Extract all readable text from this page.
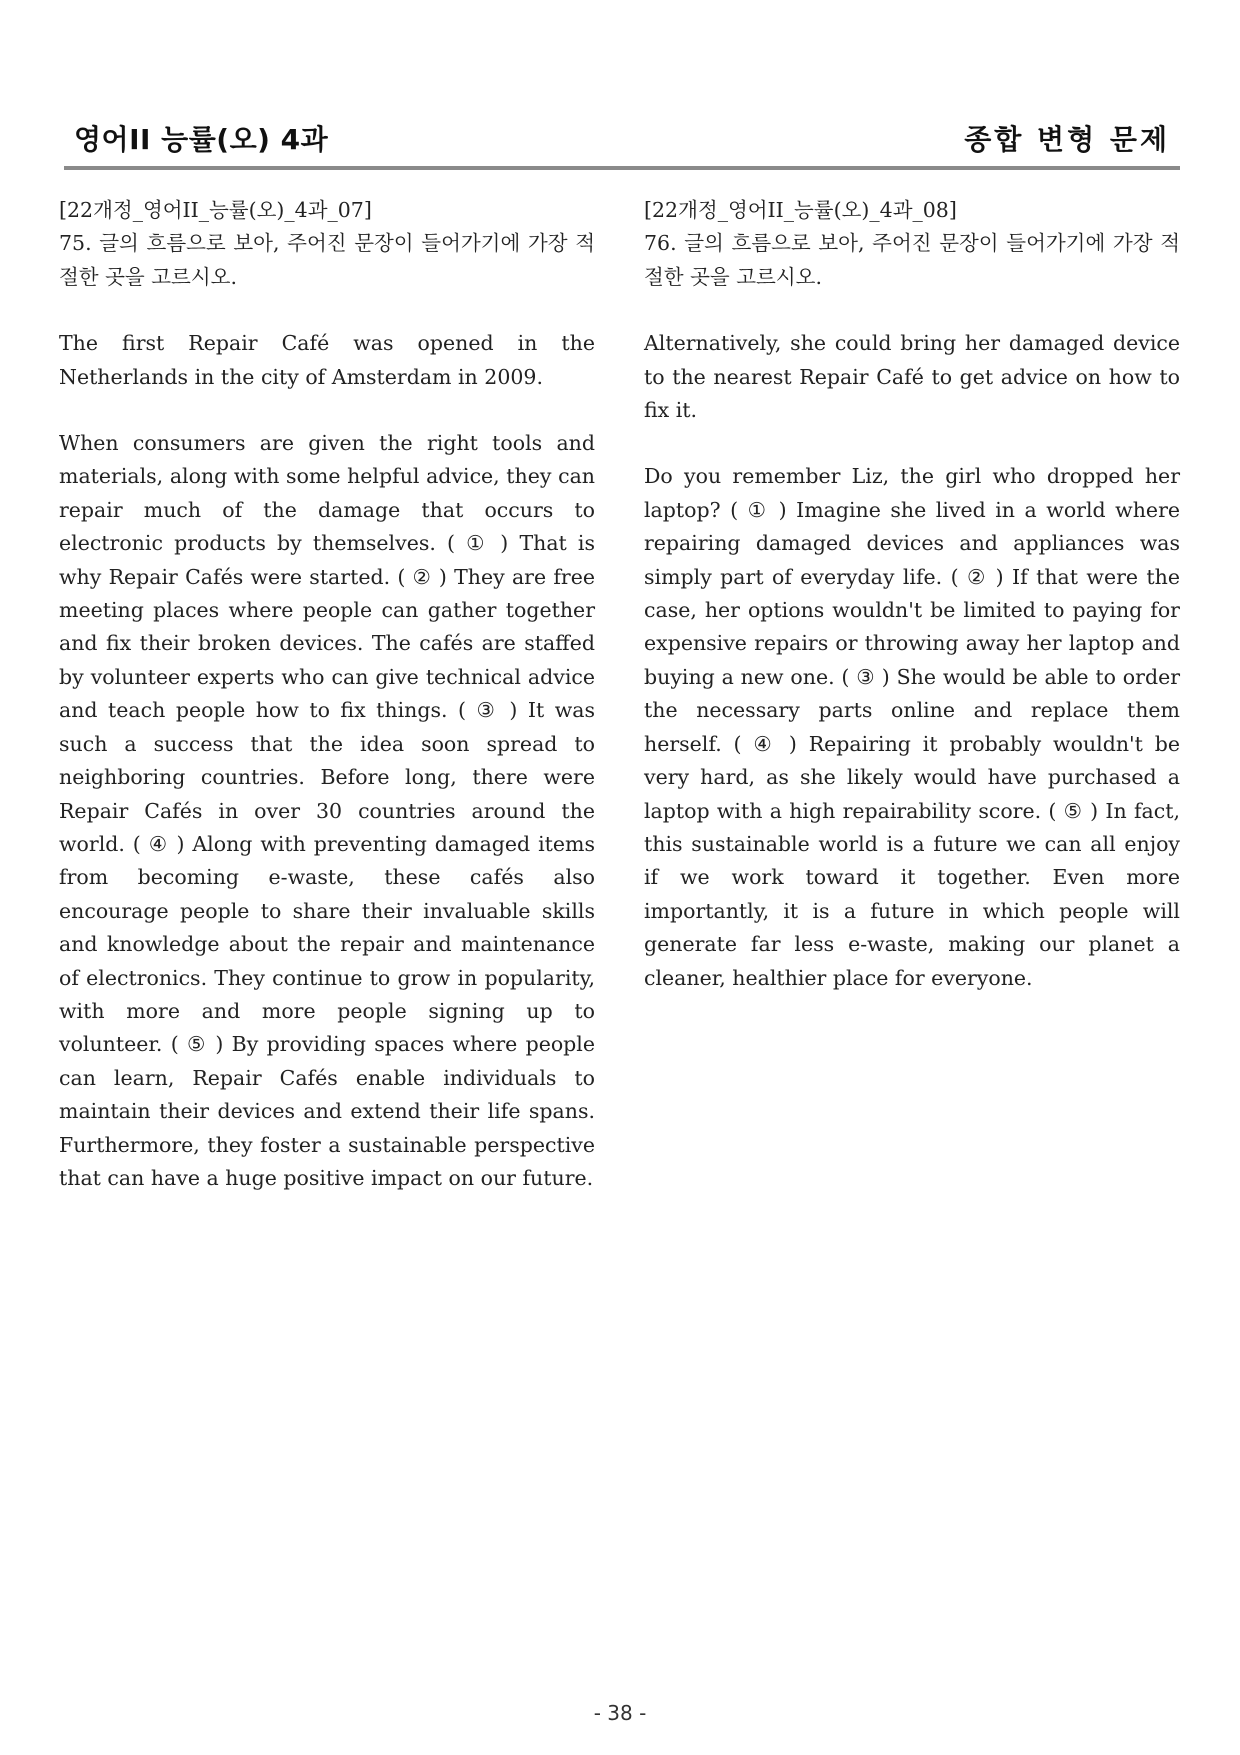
영어II 능률(오) 4과	종합 변형 문제
[22개정_영어II_능률(오)_4과_07]

75. 글의 흐름으로 보아, 주어진 문장이 들어가기에 가장 적절한 곳을 고르시오.

The first Repair Café was opened in the Netherlands in the city of Amsterdam in 2009.

When consumers are given the right tools and materials, along with some helpful advice, they can repair much of the damage that occurs to electronic products by themselves. ( ① ) That is why Repair Cafés were started. ( ② ) They are free meeting places where people can gather together and fix their broken devices. The cafés are staffed by volunteer experts who can give technical advice and teach people how to fix things. ( ③ ) It was such a success that the idea soon spread to neighboring countries. Before long, there were Repair Cafés in over 30 countries around the world. ( ④ ) Along with preventing damaged items from becoming e-waste, these cafés also encourage people to share their invaluable skills and knowledge about the repair and maintenance of electronics. They continue to grow in popularity, with more and more people signing up to volunteer. ( ⑤ ) By providing spaces where people can learn, Repair Cafés enable individuals to maintain their devices and extend their life spans. Furthermore, they foster a sustainable perspective that can have a huge positive impact on our future.

[22개정_영어II_능률(오)_4과_08]

76. 글의 흐름으로 보아, 주어진 문장이 들어가기에 가장 적절한 곳을 고르시오.

Alternatively, she could bring her damaged device to the nearest Repair Café to get advice on how to fix it.

Do you remember Liz, the girl who dropped her laptop? ( ① ) Imagine she lived in a world where repairing damaged devices and appliances was simply part of everyday life. ( ② ) If that were the case, her options wouldn't be limited to paying for expensive repairs or throwing away her laptop and buying a new one. ( ③ ) She would be able to order the necessary parts online and replace them herself. ( ④ ) Repairing it probably wouldn't be very hard, as she likely would have purchased a laptop with a high repairability score. ( ⑤ ) In fact, this sustainable world is a future we can all enjoy if we work toward it together. Even more importantly, it is a future in which people will generate far less e-waste, making our planet a cleaner, healthier place for everyone.

- 38 -
